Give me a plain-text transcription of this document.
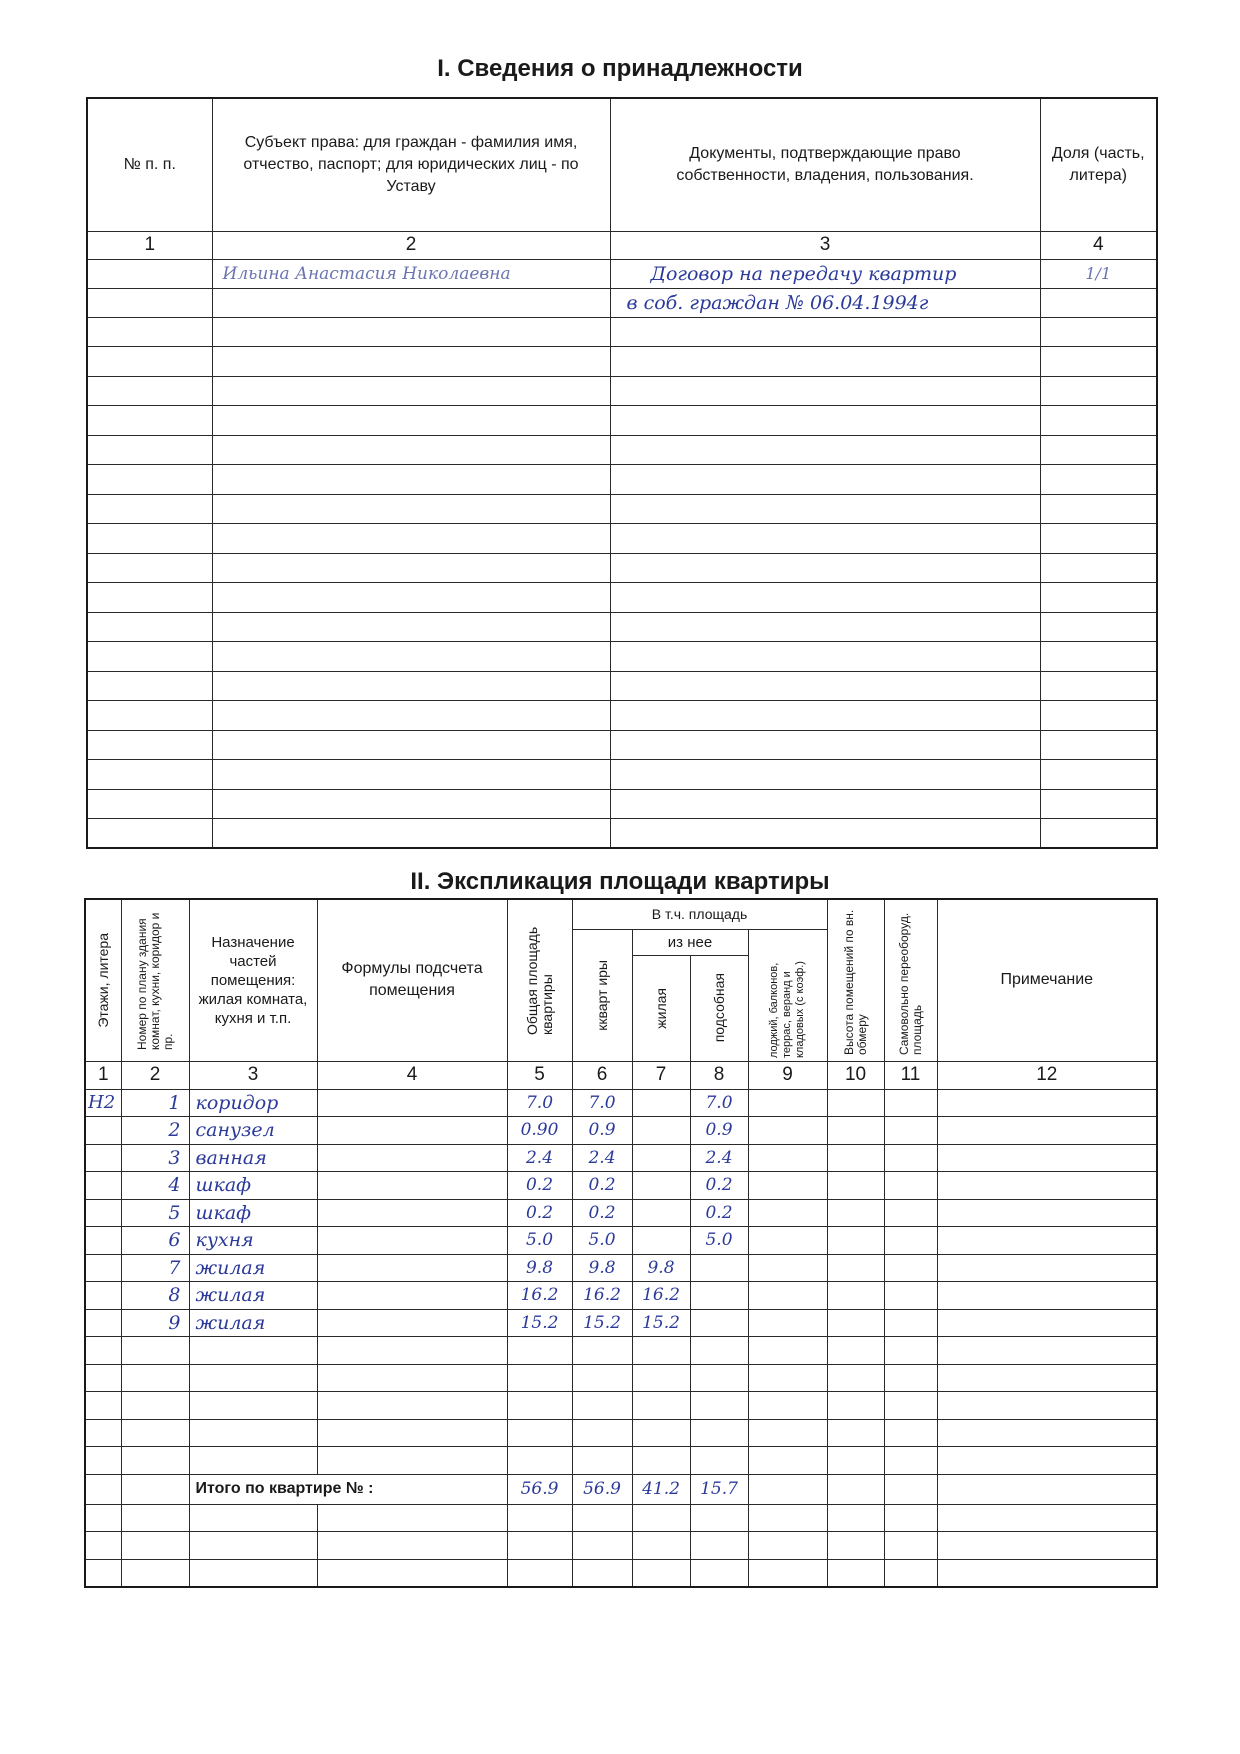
I. Сведения о принадлежности
№ п. п.	Субъект права: для граждан - фамилия имя, отчество, паспорт; для юридических лиц - по Уставу	Документы, подтверждающие право собственности, владения, пользования.	Доля (часть, литера)
1	2	3	4
	Ильина Анастасия Николаевна	Договор на передачу квартир	1/1
		в соб. граждан № 06.04.1994г	

II. Экспликация площади квартиры
Этажи, литера	Номер по плану здания комнат, кухни, коридор и пр.	Назначение частей помещения: жилая комната, кухня и т.п.	Формулы подсчета помещения	Общая площадь квартиры	В т.ч. площадь				Высота помещений по вн. обмеру	Самовольно переоборуд. площадь	Примечание

					ккварт иры	из нее		лоджий, балконов, террас, веранд и кладовых (с коэф.)			

						жилая	подсобная				

1	2	3	4	5	6	7	8	9	10	11	12
Н2	1	коридор		7.0	7.0		7.0				
	2	санузел		0.90	0.9		0.9				
	3	ванная		2.4	2.4		2.4				
	4	шкаф		0.2	0.2		0.2				
	5	шкаф		0.2	0.2		0.2				
	6	кухня		5.0	5.0		5.0				
	7	жилая		9.8	9.8	9.8					
	8	жилая		16.2	16.2	16.2					
	9	жилая		15.2	15.2	15.2					

		Итого по квартире № :		56.9	56.9	41.2	15.7				
